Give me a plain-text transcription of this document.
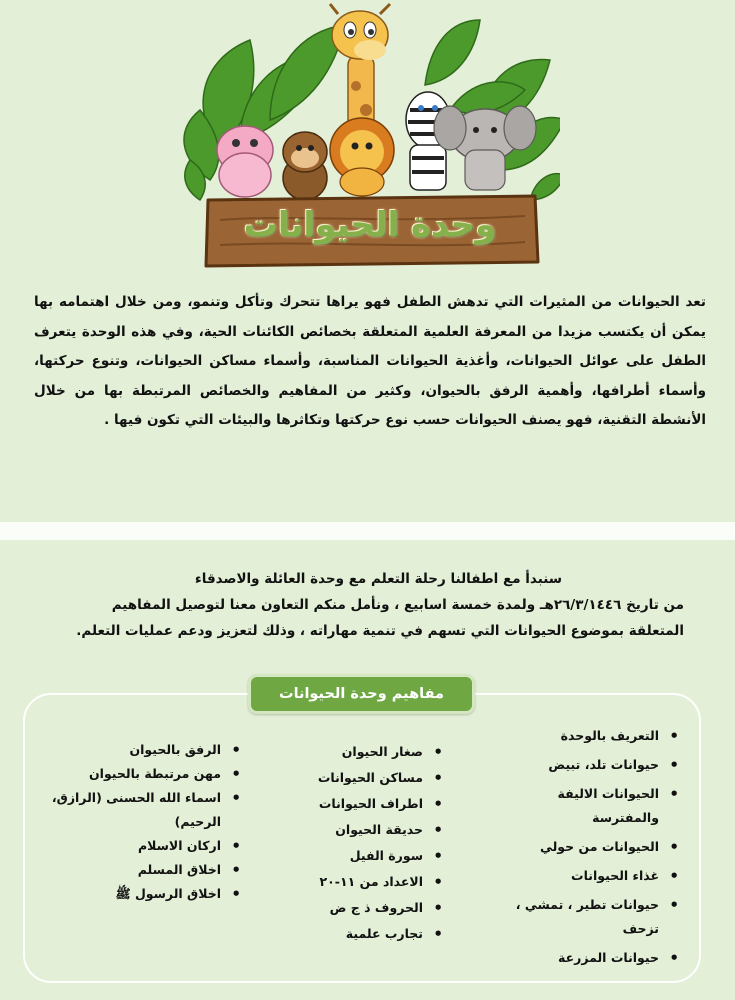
وحدة الحيوانات

تعد الحيوانات من المثيرات التي تدهش الطفل فهو يراها تتحرك وتأكل وتنمو، ومن خلال اهتمامه بها يمكن أن يكتسب مزيدا من المعرفة العلمية المتعلقة بخصائص الكائنات الحية، وفي هذه الوحدة يتعرف الطفل على عوائل الحيوانات، وأغذية الحيوانات المناسبة، وأسماء مساكن الحيوانات، وتنوع حركتها، وأسماء أطرافها، وأهمية الرفق بالحيوان، وكثير من المفاهيم والخصائص المرتبطة بها من خلال الأنشطة التقنية، فهو يصنف الحيوانات حسب نوع حركتها وتكاثرها والبيئات التي تكون فيها .

سنبدأ مع اطفالنا رحلة التعلم مع وحدة العائلة والاصدقاء

من تاريخ ٢٦/٣/١٤٤٦هـ ولمدة خمسة اسابيع ، ونأمل منكم التعاون معنا لتوصيل المفاهيم

المتعلقة بموضوع الحيوانات التي تسهم في تنمية مهاراته ، وذلك لتعزيز ودعم عمليات التعلم.

مفاهيم وحدة الحيوانات
• التعريف بالوحدة
• حيوانات تلد، تبيض
• الحيوانات الاليفة والمفترسة
• الحيوانات من حولي
• غذاء الحيوانات
• حيوانات تطير ، تمشي ، تزحف
• حيوانات المزرعة
• صغار الحيوان
• مساكن الحيوانات
• اطراف الحيوانات
• حديقة الحيوان
• سورة الفيل
• الاعداد من ١١-٢٠
• الحروف ذ ج ض
• تجارب علمية
• الرفق بالحيوان
• مهن مرتبطة بالحيوان
• اسماء الله الحسنى (الرازق، الرحيم)
• اركان الاسلام
• اخلاق المسلم
• اخلاق الرسول ﷺ
